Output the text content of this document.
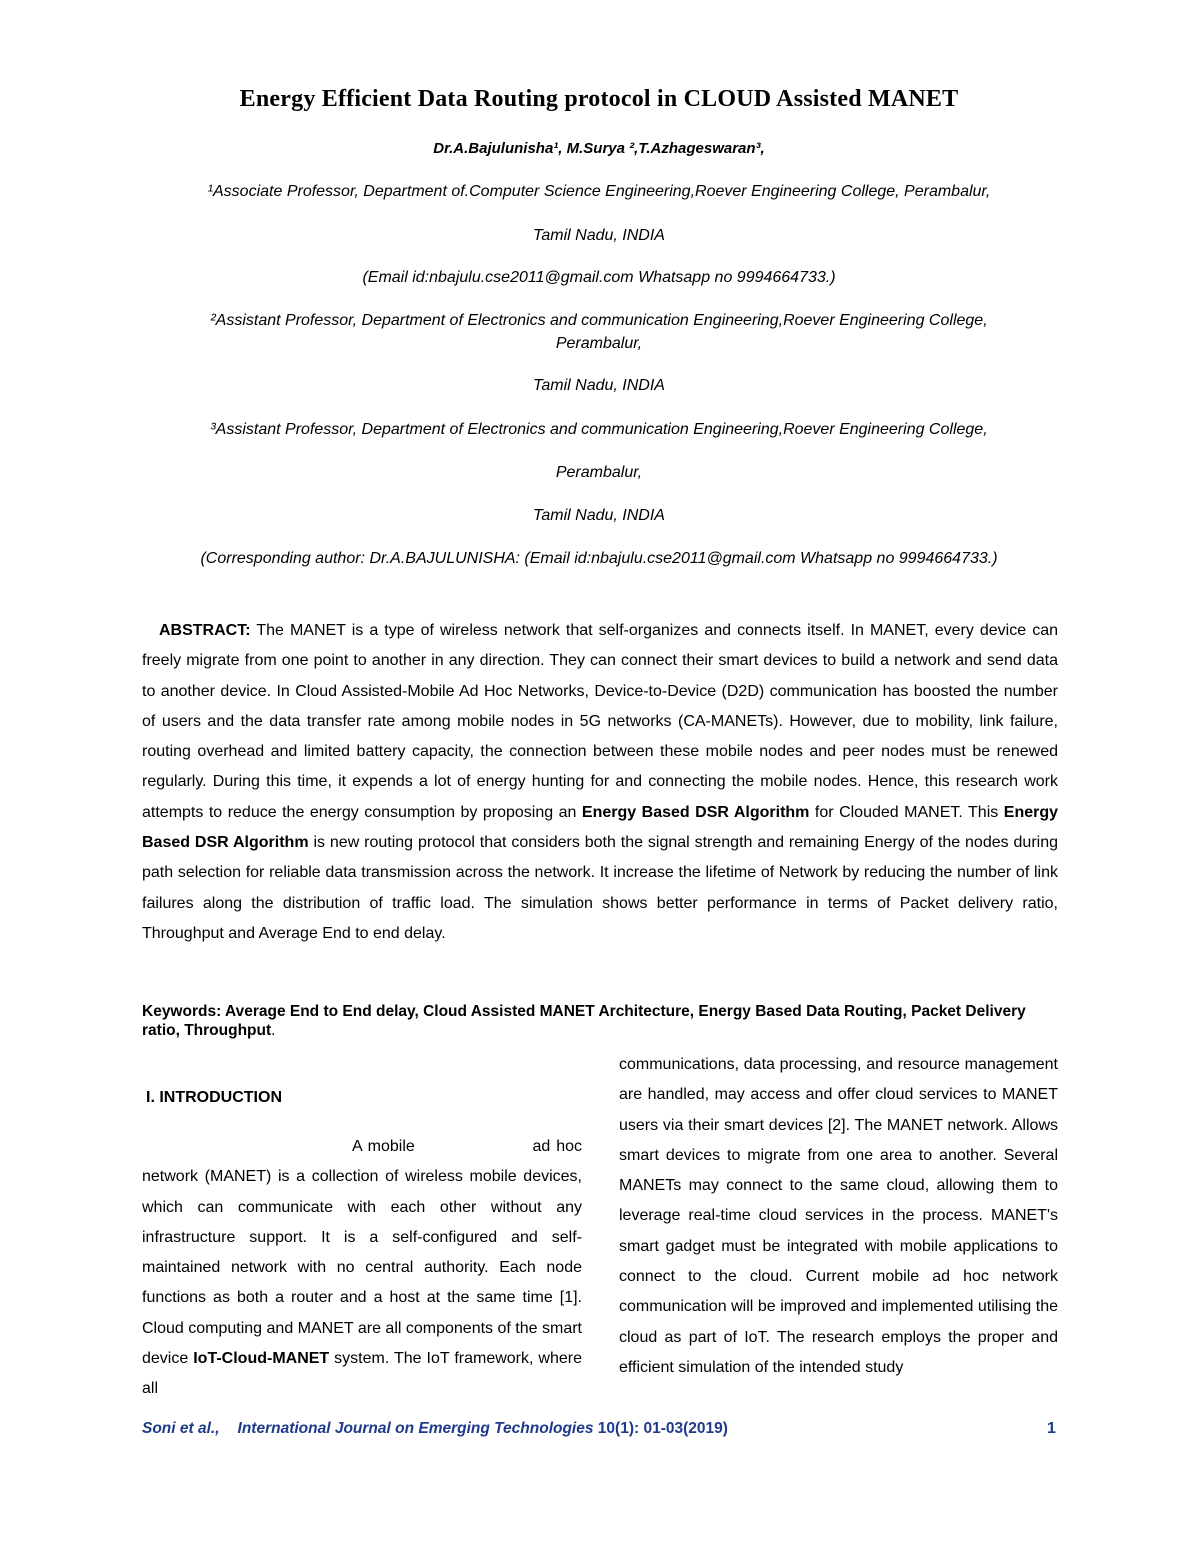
Energy Efficient Data Routing protocol in CLOUD Assisted MANET
Dr.A.Bajulunisha¹, M.Surya ²,T.Azhageswaran³,
¹Associate Professor, Department of.Computer Science Engineering,Roever Engineering College, Perambalur,
Tamil Nadu, INDIA
(Email id:nbajulu.cse2011@gmail.com Whatsapp no 9994664733.)
²Assistant Professor, Department of Electronics and communication Engineering,Roever Engineering College,
Perambalur,
Tamil Nadu, INDIA
³Assistant Professor, Department of Electronics and communication Engineering,Roever Engineering College,
Perambalur,
Tamil Nadu, INDIA
(Corresponding author: Dr.A.BAJULUNISHA: (Email id:nbajulu.cse2011@gmail.com Whatsapp no 9994664733.)

ABSTRACT: The MANET is a type of wireless network that self-organizes and connects itself. In MANET, every device can freely migrate from one point to another in any direction. They can connect their smart devices to build a network and send data to another device. In Cloud Assisted-Mobile Ad Hoc Networks, Device-to-Device (D2D) communication has boosted the number of users and the data transfer rate among mobile nodes in 5G networks (CA-MANETs). However, due to mobility, link failure, routing overhead and limited battery capacity, the connection between these mobile nodes and peer nodes must be renewed regularly. During this time, it expends a lot of energy hunting for and connecting the mobile nodes. Hence, this research work attempts to reduce the energy consumption by proposing an Energy Based DSR Algorithm for Clouded MANET. This Energy Based DSR Algorithm is new routing protocol that considers both the signal strength and remaining Energy of the nodes during path selection for reliable data transmission across the network. It increase the lifetime of Network by reducing the number of link failures along the distribution of traffic load. The simulation shows better performance in terms of Packet delivery ratio, Throughput and Average End to end delay.

Keywords: Average End to End delay, Cloud Assisted MANET Architecture, Energy Based Data Routing, Packet Delivery ratio, Throughput.

I. INTRODUCTION

A mobile                    ad hoc network (MANET) is a collection of wireless mobile devices, which can communicate with each other without any infrastructure support. It is a self-configured and self-maintained network with no central authority. Each node functions as both a router and a host at the same time [1]. Cloud computing and MANET are all components of the smart device IoT-Cloud-MANET system. The IoT framework, where all

communications, data processing, and resource management are handled, may access and offer cloud services to MANET users via their smart devices [2]. The MANET network. Allows smart devices to migrate from one area to another. Several MANETs may connect to the same cloud, allowing them to leverage real-time cloud services in the process. MANET's smart gadget must be integrated with mobile applications to connect to the cloud. Current mobile ad hoc network communication will be improved and implemented utilising the cloud as part of IoT. The research employs the proper and efficient simulation of the intended study

Soni et al., International Journal on Emerging Technologies 10(1): 01-03(2019)	1
